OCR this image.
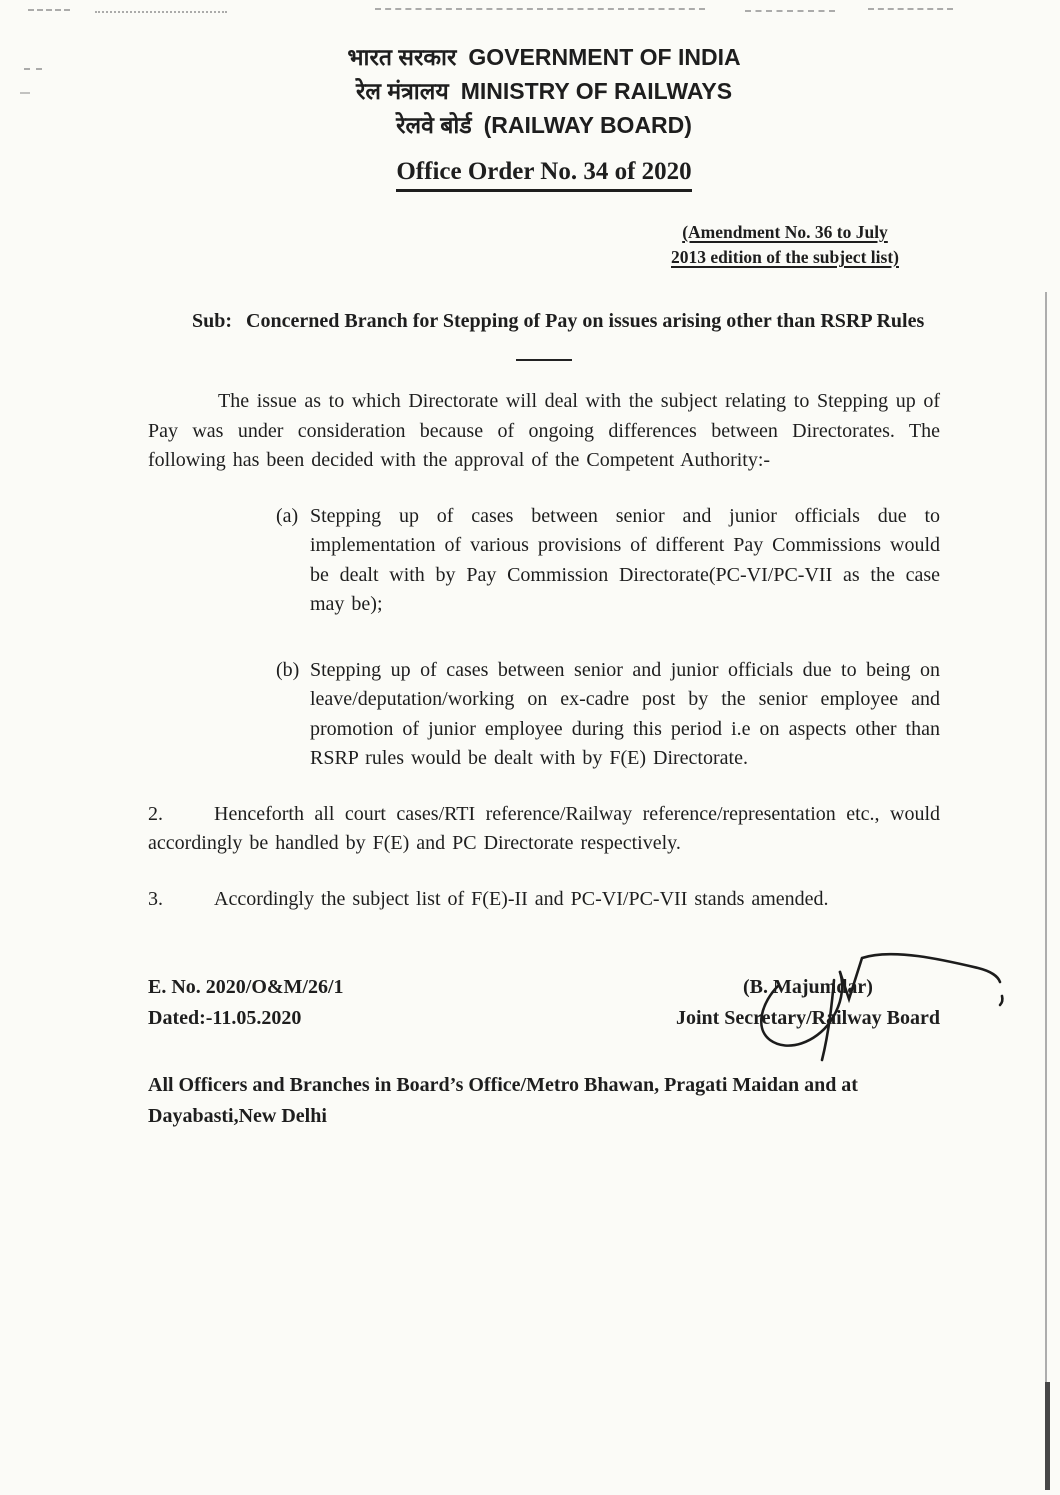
भारत सरकार GOVERNMENT OF INDIA
रेल मंत्रालय MINISTRY OF RAILWAYS
रेलवे बोर्ड (RAILWAY BOARD)
Office Order No. 34 of 2020
(Amendment No. 36 to July
2013 edition of the subject list)
Sub: Concerned Branch for Stepping of Pay on issues arising other than RSRP Rules

The issue as to which Directorate will deal with the subject relating to Stepping up of Pay was under consideration because of ongoing differences between Directorates. The following has been decided with the approval of the Competent Authority:-

(a) Stepping up of cases between senior and junior officials due to implementation of various provisions of different Pay Commissions would be dealt with by Pay Commission Directorate(PC-VI/PC-VII as the case may be);
(b) Stepping up of cases between senior and junior officials due to being on leave/deputation/working on ex-cadre post by the senior employee and promotion of junior employee during this period i.e on aspects other than RSRP rules would be dealt with by F(E) Directorate.

2.	Henceforth all court cases/RTI reference/Railway reference/representation etc., would accordingly be handled by F(E) and PC Directorate respectively.

3.	Accordingly the subject list of F(E)-II and PC-VI/PC-VII stands amended.

E. No. 2020/O&M/26/1
Dated:-11.05.2020
(B. Majumdar)
Joint Secretary/Railway Board

All Officers and Branches in Board’s Office/Metro Bhawan, Pragati Maidan and at Dayabasti,New Delhi
